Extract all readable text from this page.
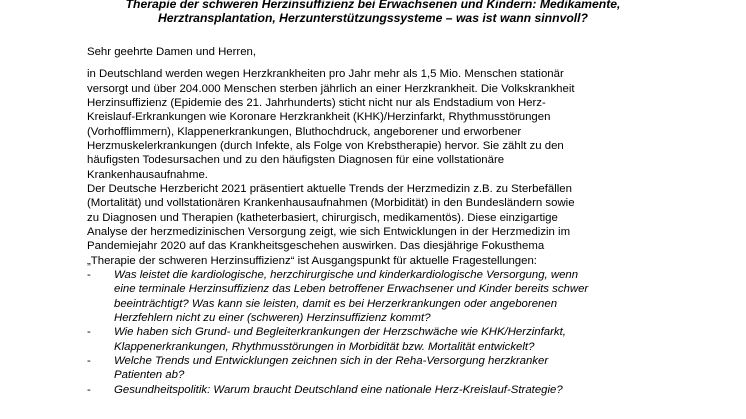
Therapie der schweren Herzinsuffizienz bei Erwachsenen und Kindern: Medikamente,
Herztransplantation, Herzunterstützungssysteme – was ist wann sinnvoll?
Sehr geehrte Damen und Herren,
in Deutschland werden wegen Herzkrankheiten pro Jahr mehr als 1,5 Mio. Menschen stationär
versorgt und über 204.000 Menschen sterben jährlich an einer Herzkrankheit. Die Volkskrankheit
Herzinsuffizienz (Epidemie des 21. Jahrhunderts) sticht nicht nur als Endstadium von Herz-
Kreislauf-Erkrankungen wie Koronare Herzkrankheit (KHK)/Herzinfarkt, Rhythmusstörungen
(Vorhofflimmern), Klappenerkrankungen, Bluthochdruck, angeborener und erworbener
Herzmuskelerkrankungen (durch Infekte, als Folge von Krebstherapie) hervor. Sie zählt zu den
häufigsten Todesursachen und zu den häufigsten Diagnosen für eine vollstationäre
Krankenhausaufnahme.
Der Deutsche Herzbericht 2021 präsentiert aktuelle Trends der Herzmedizin z.B. zu Sterbefällen
(Mortalität) und vollstationären Krankenhausaufnahmen (Morbidität) in den Bundesländern sowie
zu Diagnosen und Therapien (katheterbasiert, chirurgisch, medikamentös). Diese einzigartige
Analyse der herzmedizinischen Versorgung zeigt, wie sich Entwicklungen in der Herzmedizin im
Pandemiejahr 2020 auf das Krankheitsgeschehen auswirken. Das diesjährige Fokusthema
„Therapie der schweren Herzinsuffizienz“ ist Ausgangspunkt für aktuelle Fragestellungen:
- Was leistet die kardiologische, herzchirurgische und kinderkardiologische Versorgung, wenn
eine terminale Herzinsuffizienz das Leben betroffener Erwachsener und Kinder bereits schwer
beeinträchtigt? Was kann sie leisten, damit es bei Herzerkrankungen oder angeborenen
Herzfehlern nicht zu einer (schweren) Herzinsuffizienz kommt?
- Wie haben sich Grund- und Begleiterkrankungen der Herzschwäche wie KHK/Herzinfarkt,
Klappenerkrankungen, Rhythmusstörungen in Morbidität bzw. Mortalität entwickelt?
- Welche Trends und Entwicklungen zeichnen sich in der Reha-Versorgung herzkranker
Patienten ab?
- Gesundheitspolitik: Warum braucht Deutschland eine nationale Herz-Kreislauf-Strategie?
